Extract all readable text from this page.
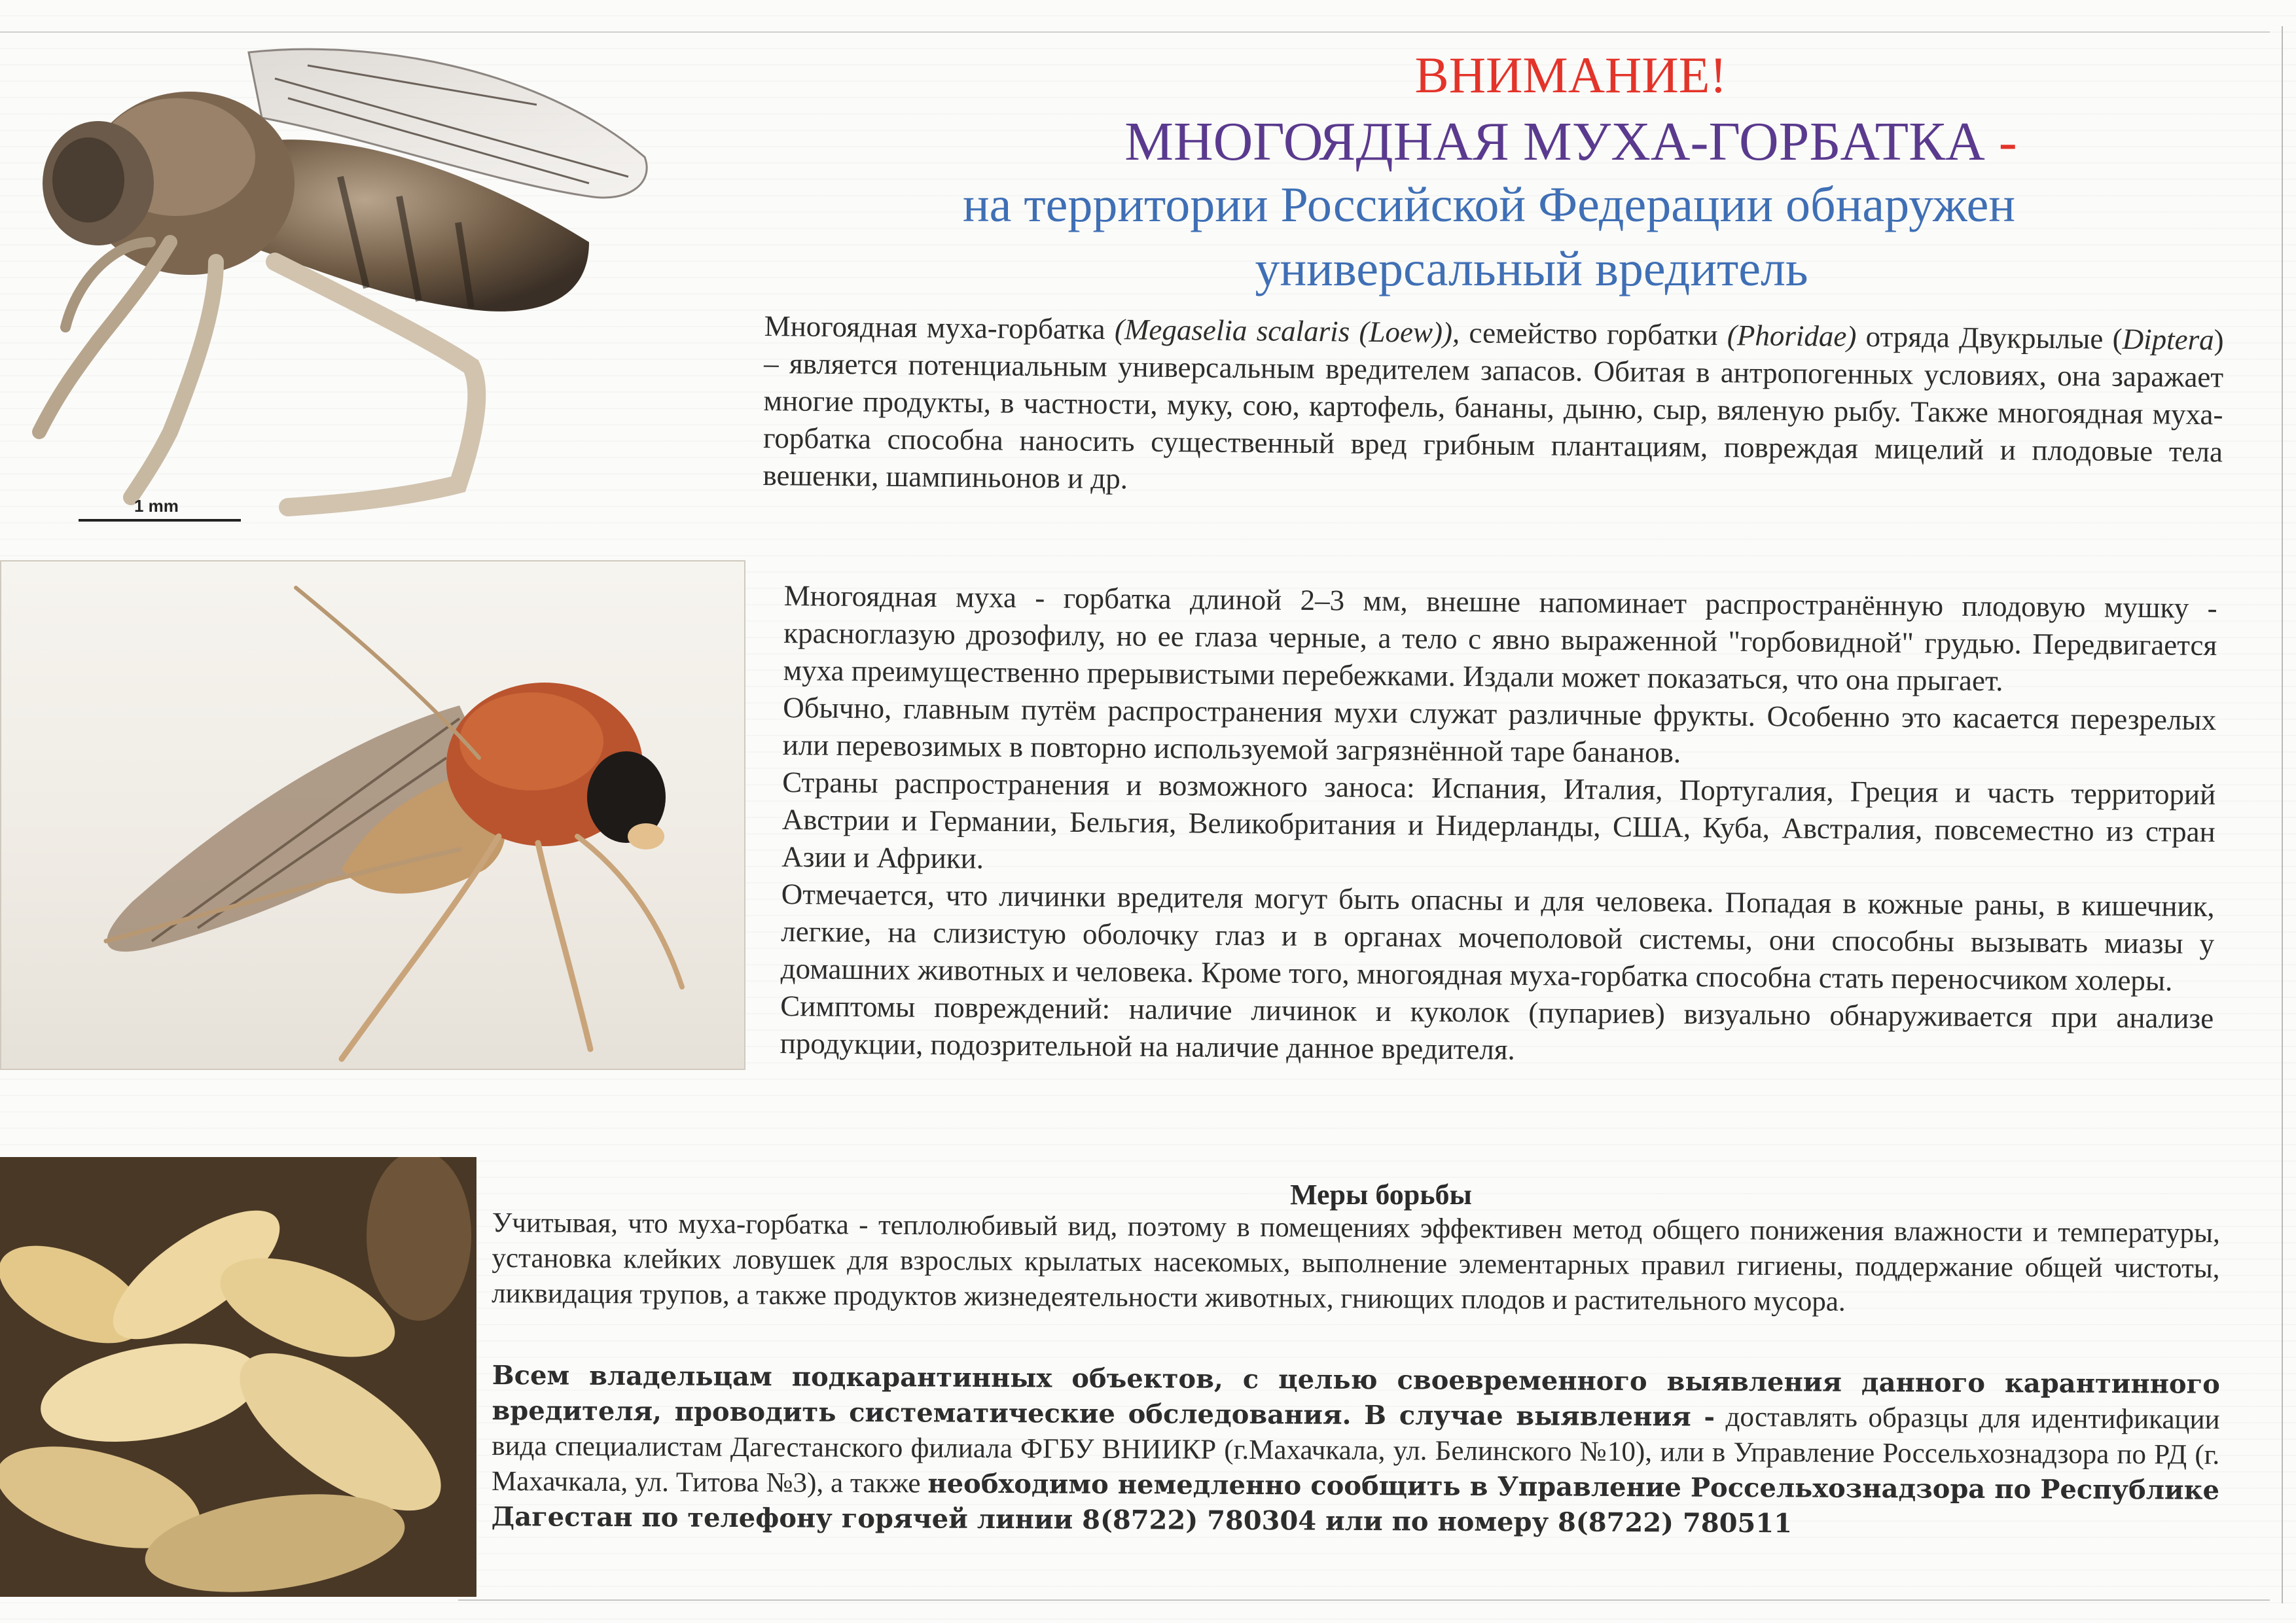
1 mm
ВНИМАНИЕ!
МНОГОЯДНАЯ МУХА-ГОРБАТКА -
на территории Российской Федерации обнаружен
универсальный вредитель

Многоядная муха-горбатка (Megaselia scalaris (Loew)), семейство горбатки (Phoridae) отряда Двукрылые (Diptera) – является потенциальным универсальным вредителем запасов. Обитая в антропогенных условиях, она заражает многие продукты, в частности, муку, сою, картофель, бананы, дыню, сыр, вяленую рыбу. Также многоядная муха-горбатка способна наносить существенный вред грибным плантациям, повреждая мицелий и плодовые тела вешенки, шампиньонов и др.

Многоядная муха - горбатка длиной 2–3 мм, внешне напоминает распространённую плодовую мушку - красноглазую дрозофилу, но ее глаза черные, а тело с явно выраженной "горбовидной" грудью. Передвигается муха преимущественно прерывистыми перебежками. Издали может показаться, что она прыгает.
Обычно, главным путём распространения мухи служат различные фрукты. Особенно это касается перезрелых или перевозимых в повторно используемой загрязнённой таре бананов.
Страны распространения и возможного заноса: Испания, Италия, Португалия, Греция и часть территорий Австрии и Германии, Бельгия, Великобритания и Нидерланды, США, Куба, Австралия, повсеместно из стран Азии и Африки.
Отмечается, что личинки вредителя могут быть опасны и для человека. Попадая в кожные раны, в кишечник, легкие, на слизистую оболочку глаз и в органах мочеполовой системы, они способны вызывать миазы у домашних животных и человека. Кроме того, многоядная муха-горбатка способна стать переносчиком холеры.
Симптомы повреждений: наличие личинок и куколок (пупариев) визуально обнаруживается при анализе продукции, подозрительной на наличие данное вредителя.
Меры борьбы

Учитывая, что муха-горбатка - теплолюбивый вид, поэтому в помещениях эффективен метод общего понижения влажности и температуры, установка клейких ловушек для взрослых крылатых насекомых, выполнение элементарных правил гигиены, поддержание общей чистоты, ликвидация трупов, а также продуктов жизнедеятельности животных, гниющих плодов и растительного мусора.

Всем владельцам подкарантинных объектов, с целью своевременного выявления данного карантинного вредителя, проводить систематические обследования. В случае выявления - доставлять образцы для идентификации вида специалистам Дагестанского филиала ФГБУ ВНИИКР (г.Махачкала, ул. Белинского №10), или в Управление Россельхознадзора по РД (г. Махачкала, ул. Титова №3), а также необходимо немедленно сообщить в Управление Россельхознадзора по Республике Дагестан по телефону горячей линии 8(8722) 780304 или по номеру 8(8722) 780511
